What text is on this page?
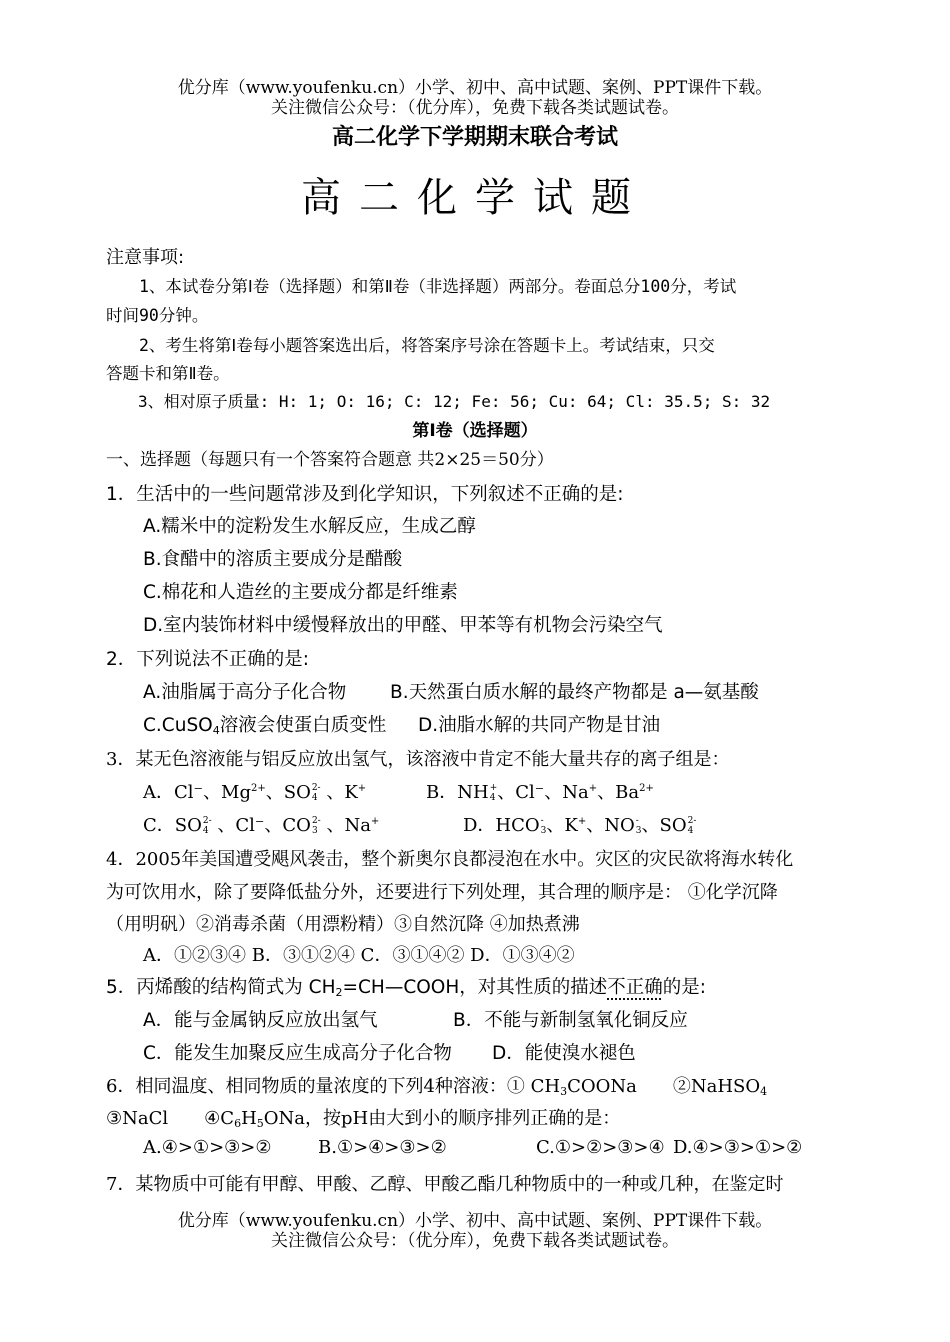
优分库（www.youfenku.cn）小学、初中、高中试题、案例、PPT课件下载。
关注微信公众号：（优分库），免费下载各类试题试卷。
高二化学下学期期末联合考试
高二化学试题
注意事项:
　　1、本试卷分第Ⅰ卷（选择题）和第Ⅱ卷（非选择题）两部分。卷面总分100分，考试
时间90分钟。
　　2、考生将第Ⅰ卷每小题答案选出后，将答案序号涂在答题卡上。考试结束，只交
答题卡和第Ⅱ卷。
　　3、相对原子质量: H: 1; O: 16; C: 12; Fe: 56; Cu: 64; Cl: 35.5; S: 32
第Ⅰ卷（选择题）
一、选择题（每题只有一个答案符合题意 共2×25＝50分）
1．生活中的一些问题常涉及到化学知识，下列叙述不正确的是:
A.糯米中的淀粉发生水解反应，生成乙醇
B.食醋中的溶质主要成分是醋酸
C.棉花和人造丝的主要成分都是纤维素
D.室内装饰材料中缓慢释放出的甲醛、甲苯等有机物会污染空气
2．下列说法不正确的是:
A.油脂属于高分子化合物 B.天然蛋白质水解的最终产物都是 a—氨基酸
C.CuSO$_4$溶液会使蛋白质变性 D.油脂水解的共同产物是甘油
3．某无色溶液能与铝反应放出氢气，该溶液中肯定不能大量共存的离子组是：
A．Cl⁻、$Mg^{2+}$、SO 2-
4 、K+	B．NH +
4 、Cl⁻、Na+、$Ba^{2+}$
C．SO 2-
4 、Cl⁻、CO 2-
3 、Na+	D．HCO -
3 、K+、NO -
3 、SO 2-
4
4．2005年美国遭受飓风袭击，整个新奥尔良都浸泡在水中。灾区的灾民欲将海水转化
为可饮用水，除了要降低盐分外，还要进行下列处理，其合理的顺序是： ①化学沉降
（用明矾）②消毒杀菌（用漂粉精）③自然沉降 ④加热煮沸
A．①②③④ B．③①②④ C．③①④② D．①③④②
5．丙烯酸的结构简式为 $CH_2=CH—COOH$，对其性质的描述不正确的是:
A．能与金属钠反应放出氢气	B．不能与新制氢氧化铜反应
C．能发生加聚反应生成高分子化合物 D．能使溴水褪色
6．相同温度、相同物质的量浓度的下列4种溶液：① $CH_3COONa$　　②NaHSO$_4$
③NaCl　　$④C_6H_5ONa$，按pH由大到小的顺序排列正确的是：
A.④>①>③>②	B.①>④>③>②	C.①>②>③>④ D.④>③>①>②
7．某物质中可能有甲醇、甲酸、乙醇、甲酸乙酯几种物质中的一种或几种，在鉴定时
优分库（www.youfenku.cn）小学、初中、高中试题、案例、PPT课件下载。
关注微信公众号：（优分库），免费下载各类试题试卷。
